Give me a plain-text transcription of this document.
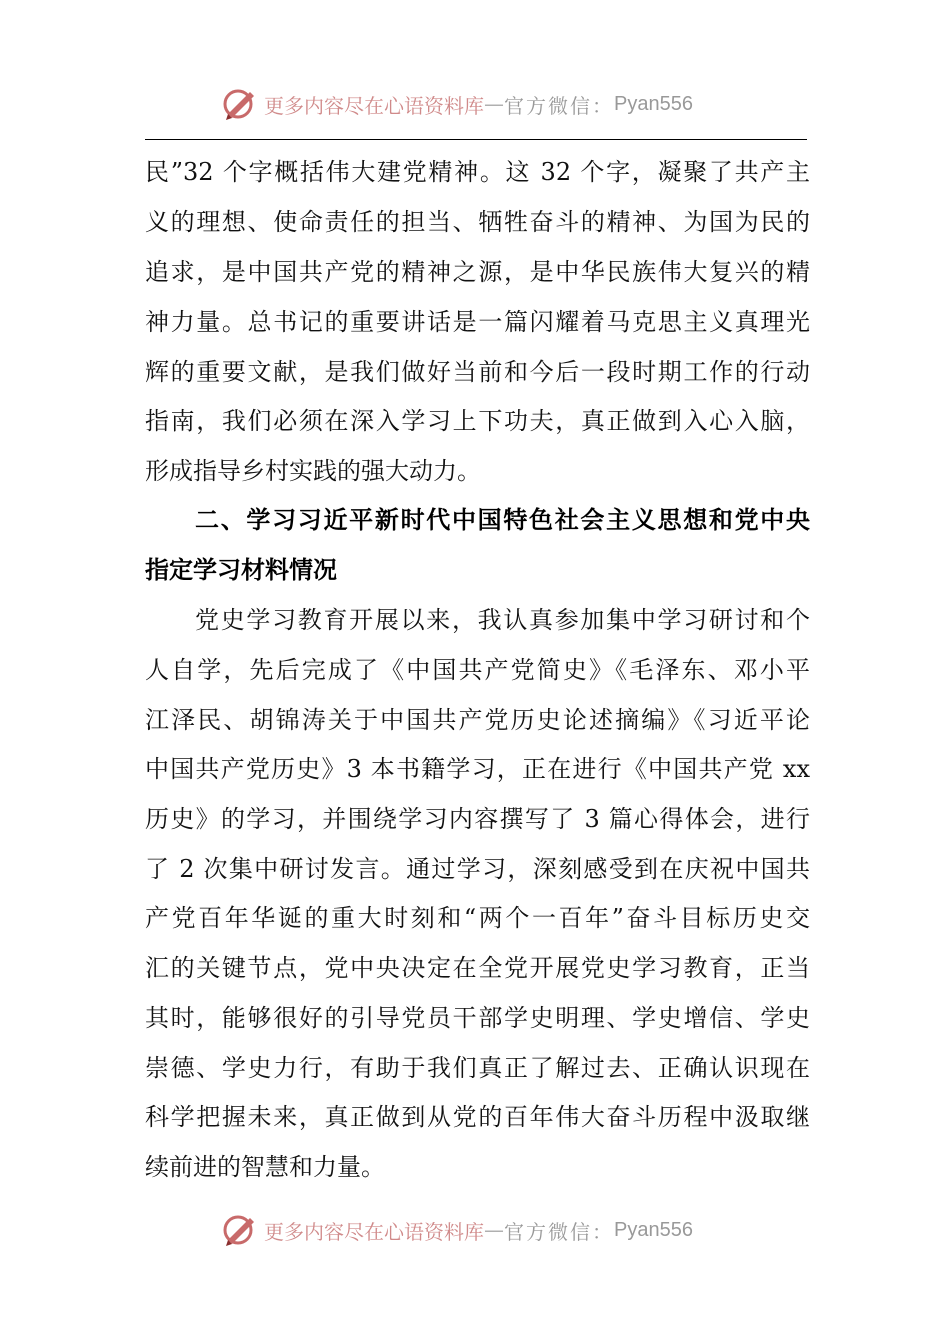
更多内容尽在心语资料库 — 官方微信： Pyan556
民”32 个字概括伟大建党精神。这 32 个字，凝聚了共产主
义的理想、使命责任的担当、牺牲奋斗的精神、为国为民的
追求，是中国共产党的精神之源，是中华民族伟大复兴的精
神力量。总书记的重要讲话是一篇闪耀着马克思主义真理光
辉的重要文献，是我们做好当前和今后一段时期工作的行动
指南，我们必须在深入学习上下功夫，真正做到入心入脑，
形成指导乡村实践的强大动力。
二、学习习近平新时代中国特色社会主义思想和党中央
指定学习材料情况
党史学习教育开展以来，我认真参加集中学习研讨和个
人自学，先后完成了《中国共产党简史》《毛泽东、邓小平
江泽民、胡锦涛关于中国共产党历史论述摘编》《习近平论
中国共产党历史》3 本书籍学习，正在进行《中国共产党 xx
历史》的学习，并围绕学习内容撰写了 3 篇心得体会，进行
了 2 次集中研讨发言。通过学习，深刻感受到在庆祝中国共
产党百年华诞的重大时刻和“两个一百年”奋斗目标历史交
汇的关键节点，党中央决定在全党开展党史学习教育，正当
其时，能够很好的引导党员干部学史明理、学史增信、学史
崇德、学史力行，有助于我们真正了解过去、正确认识现在
科学把握未来，真正做到从党的百年伟大奋斗历程中汲取继
续前进的智慧和力量。
更多内容尽在心语资料库 — 官方微信： Pyan556
